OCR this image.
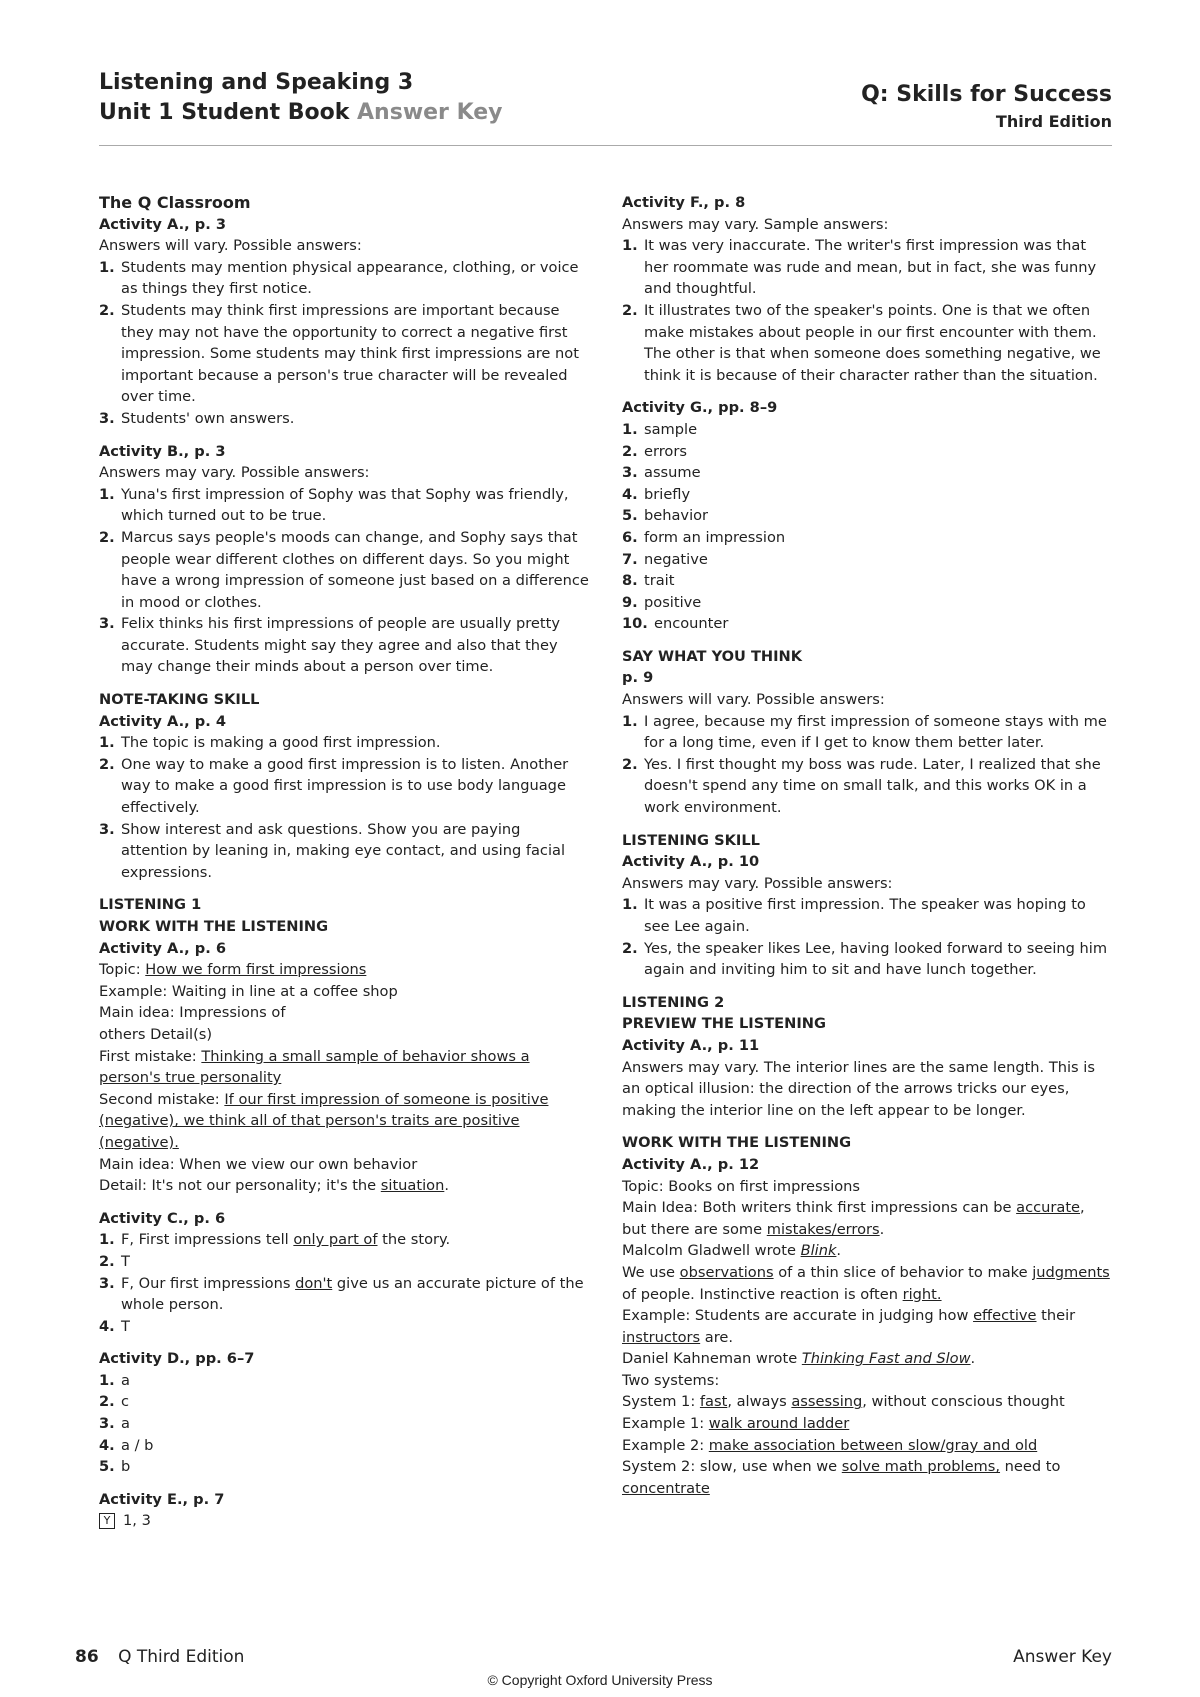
Listening and Speaking 3
Unit 1 Student Book Answer Key
Q: Skills for Success
Third Edition
The Q Classroom
Activity A., p. 3
Answers will vary. Possible answers:
1. Students may mention physical appearance, clothing, or voice as things they first notice.
2. Students may think first impressions are important because they may not have the opportunity to correct a negative first impression. Some students may think first impressions are not important because a person's true character will be revealed over time.
3. Students' own answers.
Activity B., p. 3
Answers may vary. Possible answers:
1. Yuna's first impression of Sophy was that Sophy was friendly, which turned out to be true.
2. Marcus says people's moods can change, and Sophy says that people wear different clothes on different days. So you might have a wrong impression of someone just based on a difference in mood or clothes.
3. Felix thinks his first impressions of people are usually pretty accurate. Students might say they agree and also that they may change their minds about a person over time.
NOTE-TAKING SKILL
Activity A., p. 4
1. The topic is making a good first impression.
2. One way to make a good first impression is to listen. Another way to make a good first impression is to use body language effectively.
3. Show interest and ask questions. Show you are paying attention by leaning in, making eye contact, and using facial expressions.
LISTENING 1
WORK WITH THE LISTENING
Activity A., p. 6
Topic: How we form first impressions
Example: Waiting in line at a coffee shop
Main idea: Impressions of
others Detail(s)
First mistake: Thinking a small sample of behavior shows a person's true personality
Second mistake: If our first impression of someone is positive (negative), we think all of that person's traits are positive (negative).
Main idea: When we view our own behavior
Detail: It's not our personality; it's the situation.
Activity C., p. 6
1. F, First impressions tell only part of the story.
2. T
3. F, Our first impressions don't give us an accurate picture of the whole person.
4. T
Activity D., pp. 6–7
1. a
2. c
3. a
4. a / b
5. b
Activity E., p. 7
Y 1, 3
Activity F., p. 8
Answers may vary. Sample answers:
1. It was very inaccurate. The writer's first impression was that her roommate was rude and mean, but in fact, she was funny and thoughtful.
2. It illustrates two of the speaker's points. One is that we often make mistakes about people in our first encounter with them. The other is that when someone does something negative, we think it is because of their character rather than the situation.
Activity G., pp. 8–9
1. sample
2. errors
3. assume
4. briefly
5. behavior
6. form an impression
7. negative
8. trait
9. positive
10. encounter
SAY WHAT YOU THINK
p. 9
Answers will vary. Possible answers:
1. I agree, because my first impression of someone stays with me for a long time, even if I get to know them better later.
2. Yes. I first thought my boss was rude. Later, I realized that she doesn't spend any time on small talk, and this works OK in a work environment.
LISTENING SKILL
Activity A., p. 10
Answers may vary. Possible answers:
1. It was a positive first impression. The speaker was hoping to see Lee again.
2. Yes, the speaker likes Lee, having looked forward to seeing him again and inviting him to sit and have lunch together.
LISTENING 2
PREVIEW THE LISTENING
Activity A., p. 11
Answers may vary. The interior lines are the same length. This is an optical illusion: the direction of the arrows tricks our eyes, making the interior line on the left appear to be longer.
WORK WITH THE LISTENING
Activity A., p. 12
Topic: Books on first impressions
Main Idea: Both writers think first impressions can be accurate, but there are some mistakes/errors.
Malcolm Gladwell wrote Blink.
We use observations of a thin slice of behavior to make judgments of people. Instinctive reaction is often right.
Example: Students are accurate in judging how effective their instructors are.
Daniel Kahneman wrote Thinking Fast and Slow.
Two systems:
System 1: fast, always assessing, without conscious thought
Example 1: walk around ladder
Example 2: make association between slow/gray and old
System 2: slow, use when we solve math problems, need to concentrate
86 Q Third Edition	Answer Key
© Copyright Oxford University Press
